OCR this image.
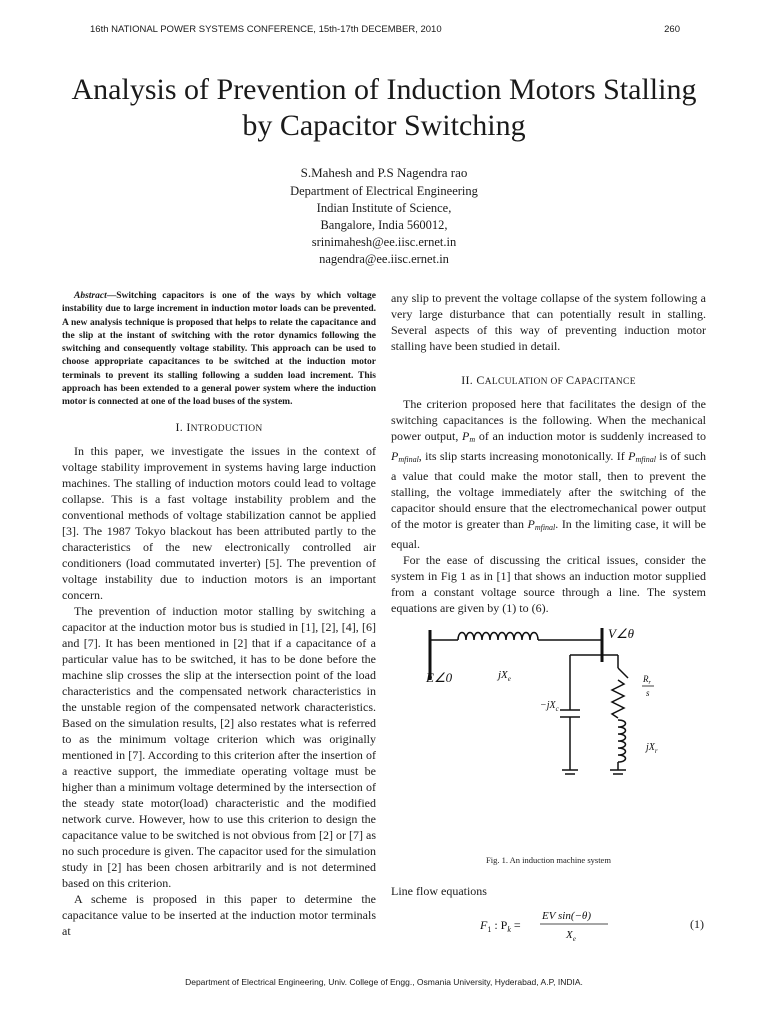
16th NATIONAL POWER SYSTEMS CONFERENCE, 15th-17th DECEMBER, 2010	260
Analysis of Prevention of Induction Motors Stalling
by Capacitor Switching
S.Mahesh and P.S Nagendra rao
Department of Electrical Engineering
Indian Institute of Science,
Bangalore, India 560012,
srinimahesh@ee.iisc.ernet.in
nagendra@ee.iisc.ernet.in

Abstract—Switching capacitors is one of the ways by which voltage instability due to large increment in induction motor loads can be prevented. A new analysis technique is proposed that helps to relate the capacitance and the slip at the instant of switching with the rotor dynamics following the switching and consequently voltage stability. This approach can be used to choose appropriate capacitances to be switched at the induction motor terminals to prevent its stalling following a sudden load increment. This approach has been extended to a general power system where the induction motor is connected at one of the load buses of the system.

I. INTRODUCTION

In this paper, we investigate the issues in the context of voltage stability improvement in systems having large induction machines. The stalling of induction motors could lead to voltage collapse. This is a fast voltage instability problem and the conventional methods of voltage stabilization cannot be applied [3]. The 1987 Tokyo blackout has been attributed partly to the characteristics of the new electronically controlled air conditioners (load commutated inverter) [5]. The prevention of voltage instability due to induction motors is an important concern.

The prevention of induction motor stalling by switching a capacitor at the induction motor bus is studied in [1], [2], [4], [6] and [7]. It has been mentioned in [2] that if a capacitance of a particular value has to be switched, it has to be done before the machine slip crosses the slip at the intersection point of the load characteristics and the compensated network characteristics in the unstable region of the compensated network characteristics. Based on the simulation results, [2] also restates what is referred to as the minimum voltage criterion which was originally mentioned in [7]. According to this criterion after the insertion of a reactive support, the immediate operating voltage must be higher than a minimum voltage determined by the intersection of the steady state motor(load) characteristic and the modified network curve. However, how to use this criterion to design the capacitance value to be switched is not obvious from [2] or [7] as no such procedure is given. The capacitor used for the simulation study in [2] has been chosen arbitrarily and is not determined based on this criterion.

A scheme is proposed in this paper to determine the capacitance value to be inserted at the induction motor terminals at

any slip to prevent the voltage collapse of the system following a very large disturbance that can potentially result in stalling. Several aspects of this way of preventing induction motor stalling have been studied in detail.

II. CALCULATION OF CAPACITANCE

The criterion proposed here that facilitates the design of the switching capacitances is the following. When the mechanical power output, $P_m$ of an induction motor is suddenly increased to $P_{mfinal}$, its slip starts increasing monotonically. If $P_{mfinal}$ is of such a value that could make the motor stall, then to prevent the stalling, the voltage immediately after the switching of the capacitor should ensure that the electromechanical power output of the motor is greater than $P_{mfinal}$. In the limiting case, it will be equal.

For the ease of discussing the critical issues, consider the system in Fig 1 as in [1] that shows an induction motor supplied from a constant voltage source through a line. The system equations are given by (1) to (6).

E∠0	$jX_e$
V∠θ
$-jX_c$
$R_r$
s
$jX_r$
Fig. 1. An induction machine system
Line flow equations
$F_1$ : $P_k$ =
EV sin(−θ)
$X_e$
(1)
Department of Electrical Engineering, Univ. College of Engg., Osmania University, Hyderabad, A.P, INDIA.
